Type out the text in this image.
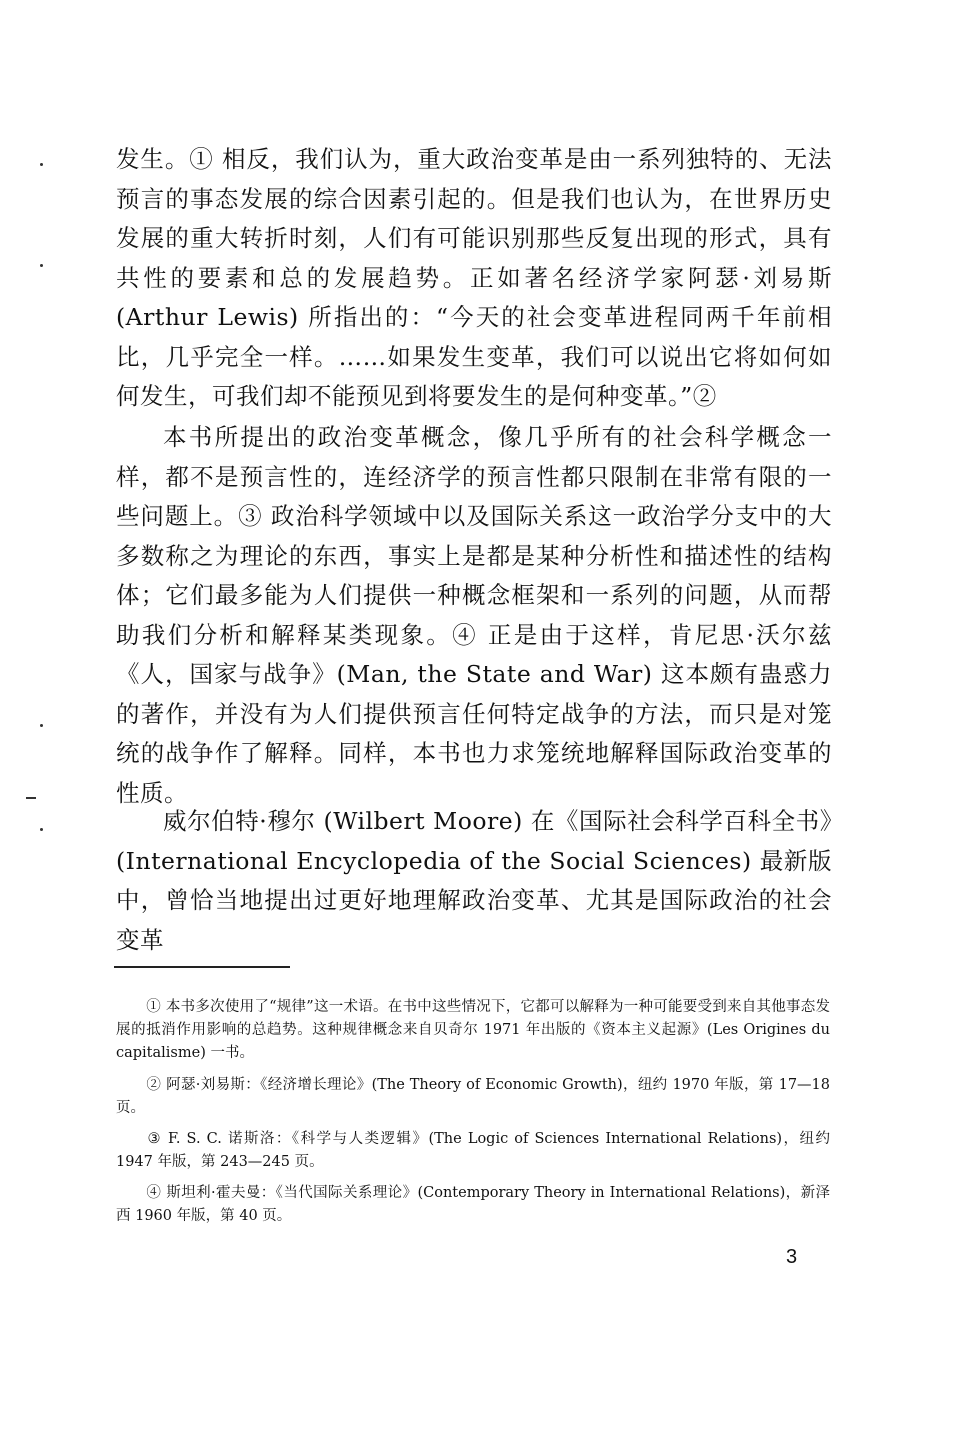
发生。① 相反，我们认为，重大政治变革是由一系列独特的、无法预言的事态发展的综合因素引起的。但是我们也认为，在世界历史发展的重大转折时刻，人们有可能识别那些反复出现的形式，具有共性的要素和总的发展趋势。正如著名经济学家阿瑟·刘易斯(Arthur Lewis) 所指出的：“今天的社会变革进程同两千年前相比，几乎完全一样。……如果发生变革，我们可以说出它将如何如何发生，可我们却不能预见到将要发生的是何种变革。”②

本书所提出的政治变革概念，像几乎所有的社会科学概念一样，都不是预言性的，连经济学的预言性都只限制在非常有限的一些问题上。③ 政治科学领域中以及国际关系这一政治学分支中的大多数称之为理论的东西，事实上是都是某种分析性和描述性的结构体；它们最多能为人们提供一种概念框架和一系列的问题，从而帮助我们分析和解释某类现象。④ 正是由于这样，肯尼思·沃尔兹《人，国家与战争》(Man, the State and War) 这本颇有蛊惑力的著作，并没有为人们提供预言任何特定战争的方法，而只是对笼统的战争作了解释。同样，本书也力求笼统地解释国际政治变革的性质。

威尔伯特·穆尔 (Wilbert Moore) 在《国际社会科学百科全书》(International Encyclopedia of the Social Sciences) 最新版中，曾恰当地提出过更好地理解政治变革、尤其是国际政治的社会变革

① 本书多次使用了“规律”这一术语。在书中这些情况下，它都可以解释为一种可能要受到来自其他事态发展的抵消作用影响的总趋势。这种规律概念来自贝奇尔 1971 年出版的《资本主义起源》(Les Origines du capitalisme) 一书。

② 阿瑟·刘易斯：《经济增长理论》(The Theory of Economic Growth)，纽约 1970 年版，第 17—18 页。

③ F. S. C. 诺斯洛：《科学与人类逻辑》(The Logic of Sciences International Relations)，纽约 1947 年版，第 243—245 页。

④ 斯坦利·霍夫曼：《当代国际关系理论》(Contemporary Theory in International Relations)，新泽西 1960 年版，第 40 页。

3
